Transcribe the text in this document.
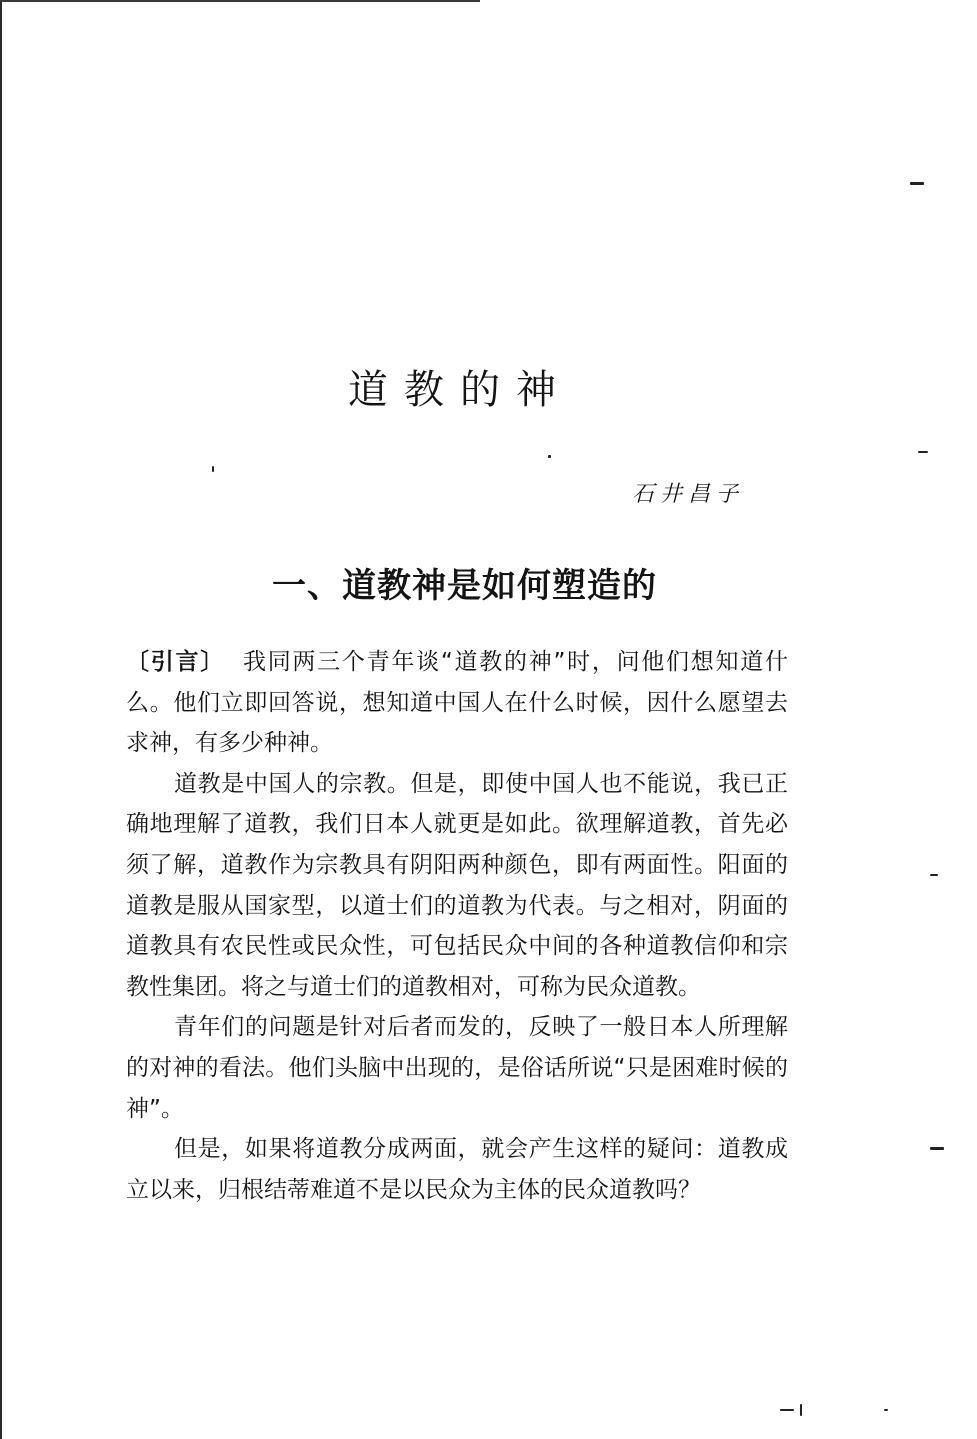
道教的神
石井昌子
一、道教神是如何塑造的

〔引言〕 我同两三个青年谈“道教的神”时，问他们想知道什么。他们立即回答说，想知道中国人在什么时候，因什么愿望去求神，有多少种神。

道教是中国人的宗教。但是，即使中国人也不能说，我已正确地理解了道教，我们日本人就更是如此。欲理解道教，首先必须了解，道教作为宗教具有阴阳两种颜色，即有两面性。阳面的道教是服从国家型，以道士们的道教为代表。与之相对，阴面的道教具有农民性或民众性，可包括民众中间的各种道教信仰和宗教性集团。将之与道士们的道教相对，可称为民众道教。

青年们的问题是针对后者而发的，反映了一般日本人所理解的对神的看法。他们头脑中出现的，是俗话所说“只是困难时候的神”。

但是，如果将道教分成两面，就会产生这样的疑问：道教成立以来，归根结蒂难道不是以民众为主体的民众道教吗？
